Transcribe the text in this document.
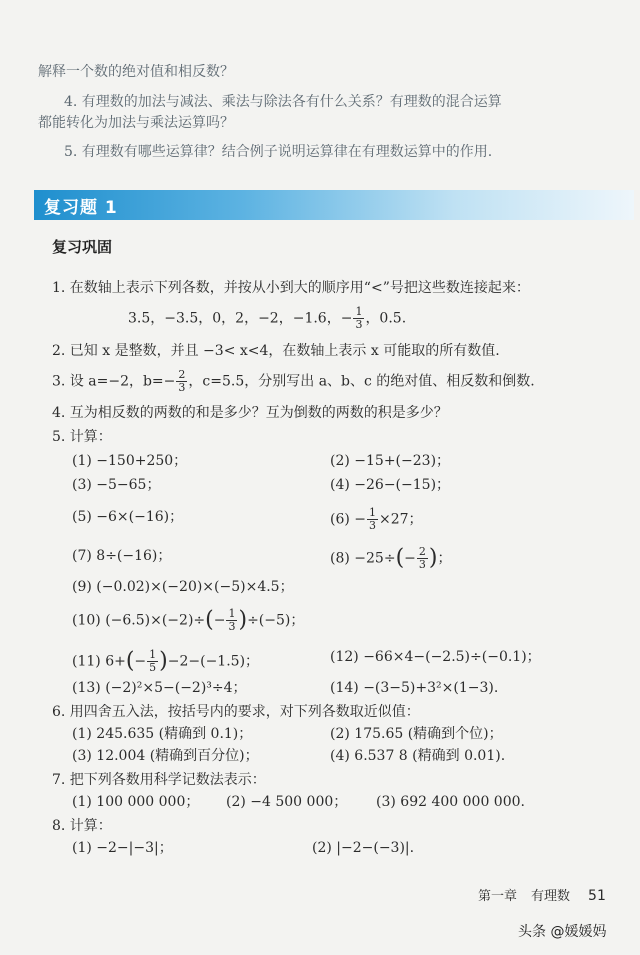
解释一个数的绝对值和相反数？
4. 有理数的加法与减法、乘法与除法各有什么关系？有理数的混合运算
都能转化为加法与乘法运算吗？
5. 有理数有哪些运算律？结合例子说明运算律在有理数运算中的作用.
复习题 1
复习巩固
1. 在数轴上表示下列各数，并按从小到大的顺序用“<”号把这些数连接起来：
3.5，−3.5，0，2，−2，−1.6，− $\frac{1}{3}$ ，0.5.
2. 已知 x 是整数，并且 −3< x<4，在数轴上表示 x 可能取的所有数值.
3. 设 a=−2，$b=- \frac{2}{3}$ ，c=5.5，分别写出 a、b、c 的绝对值、相反数和倒数.
4. 互为相反数的两数的和是多少？互为倒数的两数的积是多少？
5. 计算：
(1) −150+250；	(2) −15+(−23)；
(3) −5−65；	(4) −26−(−15)；
(5) −6×(−16)；	$(6) - \frac{1}{3} \times 27$；
(7) 8÷(−16)；	$(8) -25\div(- \frac{2}{3}$ )；
(9) (−0.02)×(−20)×(−5)×4.5；
(10) $(-6.5)\times(-2)\div(- \frac{1}{3} )\div(-5)$；
(11) $6+(- \frac{1}{5} )-2-(-1.5)$；	(12) −66×4−(−2.5)÷(−0.1)；
(13) (−2)²×5−(−2)³÷4；	(14) −(3−5)+3²×(1−3).
6. 用四舍五入法，按括号内的要求，对下列各数取近似值：
(1) 245.635 (精确到 0.1)；	(2) 175.65 (精确到个位)；
(3) 12.004 (精确到百分位)；	(4) 6.537 8 (精确到 0.01).
7. 把下列各数用科学记数法表示：
(1) 100 000 000； (2) −4 500 000； (3) 692 400 000 000.
8. 计算：
(1) −2−|−3|；	(2) |−2−(−3)|.
第一章 有理数 51
头条 @媛媛妈
